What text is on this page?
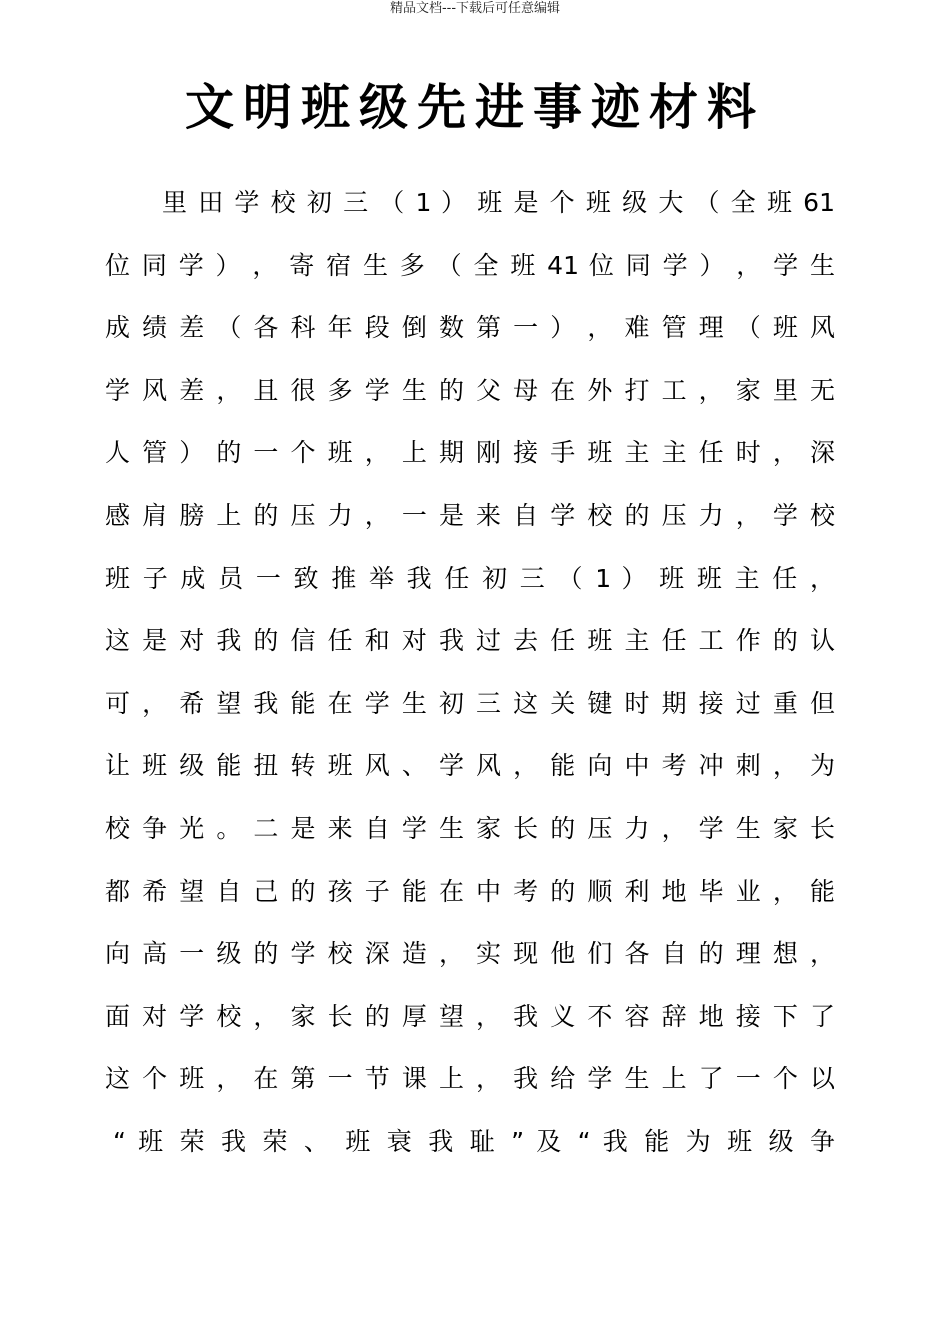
精品文档---下载后可任意编辑
文明班级先进事迹材料
里 田 学 校 初 三 （ 1 ） 班 是 个 班 级 大 （ 全 班 61
位 同 学 ） ， 寄 宿 生 多 （ 全 班 41 位 同 学 ） ， 学 生
成 绩 差 （ 各 科 年 段 倒 数 第 一 ） ， 难 管 理 （ 班 风
学 风 差 ， 且 很 多 学 生 的 父 母 在 外 打 工 ， 家 里 无
人 管 ） 的 一 个 班 ， 上 期 刚 接 手 班 主 主 任 时 ， 深
感 肩 膀 上 的 压 力 ， 一 是 来 自 学 校 的 压 力 ， 学 校
班 子 成 员 一 致 推 举 我 任 初 三 （ 1 ） 班 班 主 任 ，
这 是 对 我 的 信 任 和 对 我 过 去 任 班 主 任 工 作 的 认
可 ， 希 望 我 能 在 学 生 初 三 这 关 键 时 期 接 过 重 但
让 班 级 能 扭 转 班 风 、 学 风 ， 能 向 中 考 冲 刺 ， 为
校 争 光 。 二 是 来 自 学 生 家 长 的 压 力 ， 学 生 家 长
都 希 望 自 己 的 孩 子 能 在 中 考 的 顺 利 地 毕 业 ， 能
向 高 一 级 的 学 校 深 造 ， 实 现 他 们 各 自 的 理 想 ，
面 对 学 校 ， 家 长 的 厚 望 ， 我 义 不 容 辞 地 接 下 了
这 个 班 ， 在 第 一 节 课 上 ， 我 给 学 生 上 了 一 个 以
“ 班 荣 我 荣 、 班 衰 我 耻 ” 及 “ 我 能 为 班 级 争
